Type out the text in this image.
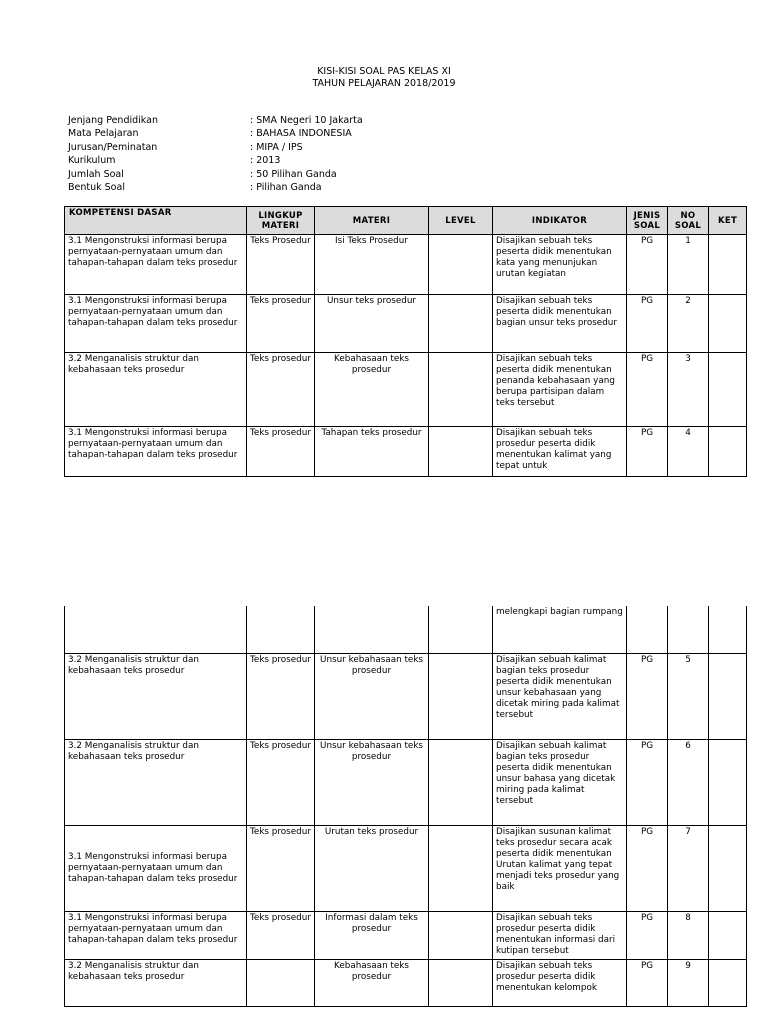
KISI-KISI SOAL PAS KELAS XI
TAHUN PELAJARAN 2018/2019
Jenjang Pendidikan	: SMA Negeri 10 Jakarta
Mata Pelajaran	: BAHASA INDONESIA
Jurusan/Peminatan	: MIPA / IPS
Kurikulum	: 2013
Jumlah Soal	: 50 Pilihan Ganda
Bentuk Soal	: Pilihan Ganda
KOMPETENSI DASAR	LINGKUP MATERI	MATERI	LEVEL	INDIKATOR	JENIS SOAL	NO SOAL	KET
3.1 Mengonstruksi informasi berupa pernyataan-pernyataan umum dan tahapan-tahapan dalam teks prosedur	Teks Prosedur	Isi Teks Prosedur		Disajikan sebuah teks peserta didik menentukan kata yang menunjukan urutan kegiatan	PG	1	
3.1 Mengonstruksi informasi berupa pernyataan-pernyataan umum dan tahapan-tahapan dalam teks prosedur	Teks prosedur	Unsur teks prosedur		Disajikan sebuah teks peserta didik menentukan bagian unsur teks prosedur	PG	2	
3.2 Menganalisis struktur dan kebahasaan teks prosedur	Teks prosedur	Kebahasaan teks prosedur		Disajikan sebuah teks peserta didik menentukan penanda kebahasaan yang berupa partisipan dalam teks tersebut	PG	3	
3.1 Mengonstruksi informasi berupa pernyataan-pernyataan umum dan tahapan-tahapan dalam teks prosedur	Teks prosedur	Tahapan teks prosedur		Disajikan sebuah teks prosedur peserta didik menentukan kalimat yang tepat untuk	PG	4	
				melengkapi bagian rumpang			
3.2 Menganalisis struktur dan kebahasaan teks prosedur	Teks prosedur	Unsur kebahasaan teks prosedur		Disajikan sebuah kalimat bagian teks prosedur peserta didik menentukan unsur kebahasaan yang dicetak miring pada kalimat tersebut	PG	5	
3.2 Menganalisis struktur dan kebahasaan teks prosedur	Teks prosedur	Unsur kebahasaan teks prosedur		Disajikan sebuah kalimat bagian teks prosedur peserta didik menentukan unsur bahasa yang dicetak miring pada kalimat tersebut	PG	6	
3.1 Mengonstruksi informasi berupa pernyataan-pernyataan umum dan tahapan-tahapan dalam teks prosedur	Teks prosedur	Urutan teks prosedur		Disajikan susunan kalimat teks prosedur secara acak peserta didik menentukan Urutan kalimat yang tepat menjadi teks prosedur yang baik	PG	7	
3.1 Mengonstruksi informasi berupa pernyataan-pernyataan umum dan tahapan-tahapan dalam teks prosedur	Teks prosedur	Informasi dalam teks prosedur		Disajikan sebuah teks prosedur peserta didik menentukan informasi dari kutipan tersebut	PG	8	
3.2 Menganalisis struktur dan kebahasaan teks prosedur		Kebahasaan teks prosedur		Disajikan sebuah teks prosedur peserta didik menentukan kelompok	PG	9	
